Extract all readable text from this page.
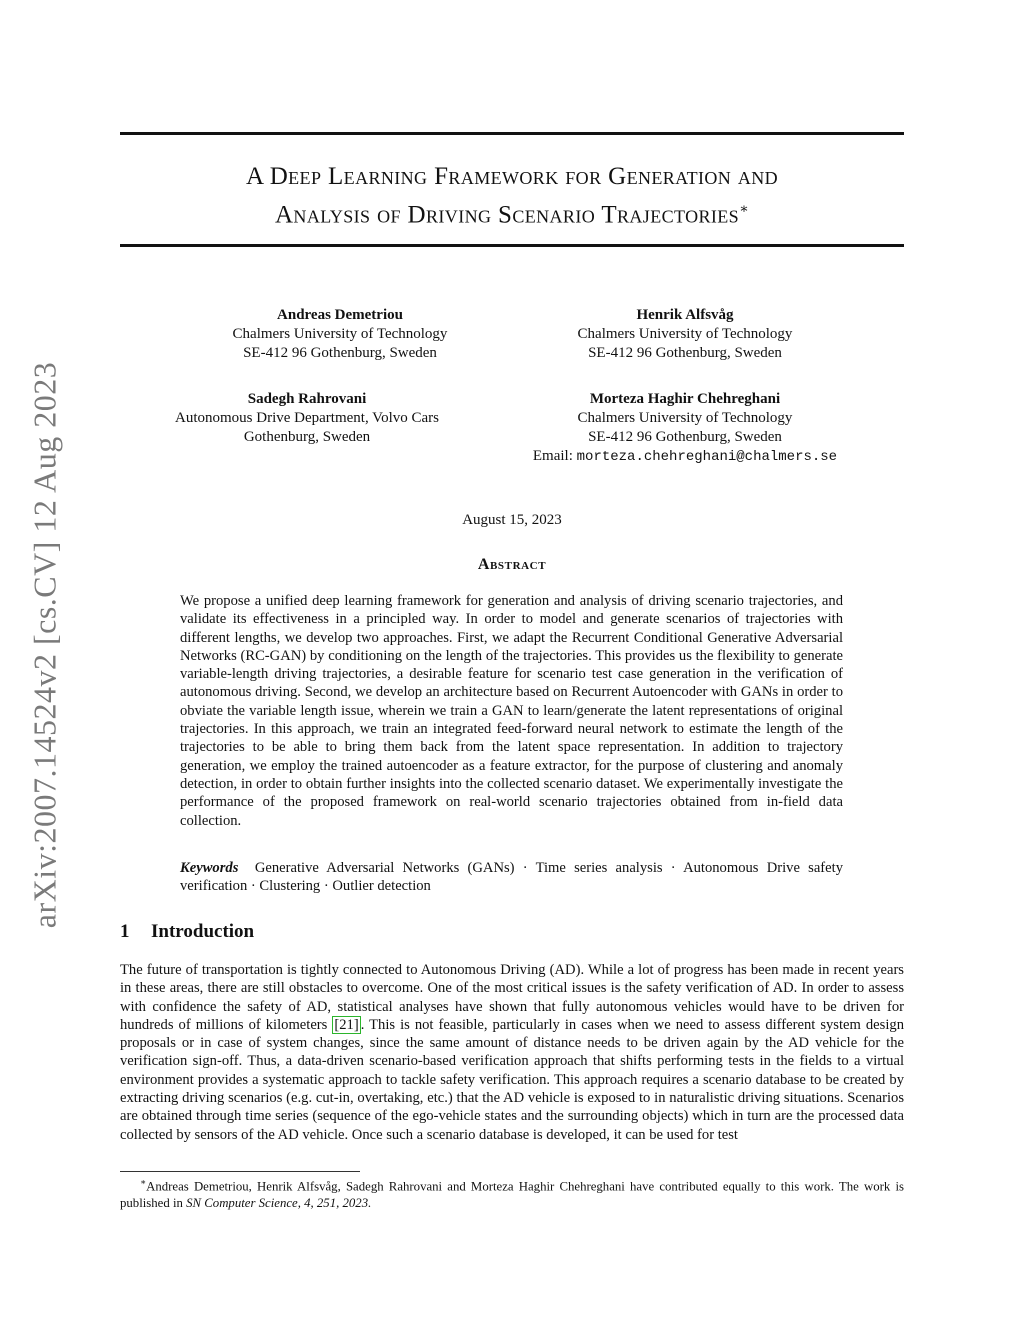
arXiv:2007.14524v2 [cs.CV] 12 Aug 2023
A Deep Learning Framework for Generation and
Analysis of Driving Scenario Trajectories∗
Andreas Demetriou
Chalmers University of Technology
SE-412 96 Gothenburg, Sweden
Henrik Alfsvåg
Chalmers University of Technology
SE-412 96 Gothenburg, Sweden
Sadegh Rahrovani
Autonomous Drive Department, Volvo Cars
Gothenburg, Sweden
Morteza Haghir Chehreghani
Chalmers University of Technology
SE-412 96 Gothenburg, Sweden
Email: morteza.chehreghani@chalmers.se
August 15, 2023
Abstract
We propose a unified deep learning framework for generation and analysis of driving scenario trajectories, and validate its effectiveness in a principled way. In order to model and generate scenarios of trajectories with different lengths, we develop two approaches. First, we adapt the Recurrent Conditional Generative Adversarial Networks (RC-GAN) by conditioning on the length of the trajectories. This provides us the flexibility to generate variable-length driving trajectories, a desirable feature for scenario test case generation in the verification of autonomous driving. Second, we develop an architecture based on Recurrent Autoencoder with GANs in order to obviate the variable length issue, wherein we train a GAN to learn/generate the latent representations of original trajectories. In this approach, we train an integrated feed-forward neural network to estimate the length of the trajectories to be able to bring them back from the latent space representation. In addition to trajectory generation, we employ the trained autoencoder as a feature extractor, for the purpose of clustering and anomaly detection, in order to obtain further insights into the collected scenario dataset. We experimentally investigate the performance of the proposed framework on real-world scenario trajectories obtained from in-field data collection.
Keywords Generative Adversarial Networks (GANs) · Time series analysis · Autonomous Drive safety verification · Clustering · Outlier detection
1 Introduction
The future of transportation is tightly connected to Autonomous Driving (AD). While a lot of progress has been made in recent years in these areas, there are still obstacles to overcome. One of the most critical issues is the safety verification of AD. In order to assess with confidence the safety of AD, statistical analyses have shown that fully autonomous vehicles would have to be driven for hundreds of millions of kilometers [21] . This is not feasible, particularly in cases when we need to assess different system design proposals or in case of system changes, since the same amount of distance needs to be driven again by the AD vehicle for the verification sign-off. Thus, a data-driven scenario-based verification approach that shifts performing tests in the fields to a virtual environment provides a systematic approach to tackle safety verification. This approach requires a scenario database to be created by extracting driving scenarios (e.g. cut-in, overtaking, etc.) that the AD vehicle is exposed to in naturalistic driving situations. Scenarios are obtained through time series (sequence of the ego-vehicle states and the surrounding objects) which in turn are the processed data collected by sensors of the AD vehicle. Once such a scenario database is developed, it can be used for test
∗Andreas Demetriou, Henrik Alfsvåg, Sadegh Rahrovani and Morteza Haghir Chehreghani have contributed equally to this work. The work is published in SN Computer Science, 4, 251, 2023.
